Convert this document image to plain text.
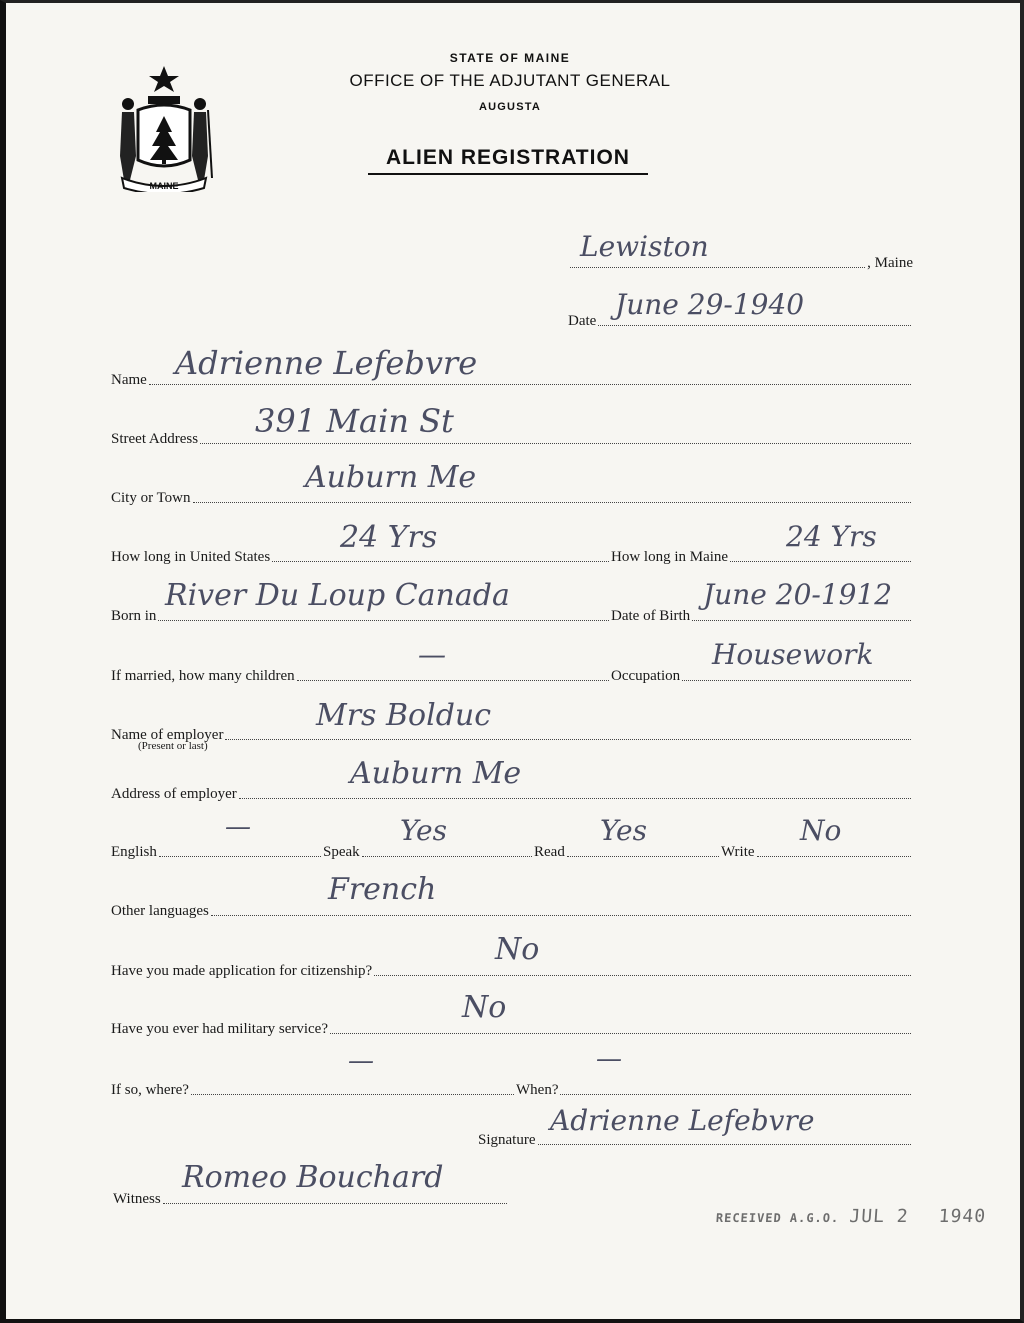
MAINE
STATE OF MAINE
OFFICE OF THE ADJUTANT GENERAL
AUGUSTA
ALIEN REGISTRATION
, Maine
Lewiston
Date June 29-1940
Name Adrienne Lefebvre
Street Address 391 Main St
City or Town
Auburn Me
How long in United States
24 Yrs
How long in Maine
24 Yrs
Born in
River Du Loup Canada
Date of Birth
June 20-1912
If married, how many children
—
Occupation
Housework
Name of employer
(Present or last)
Mrs Bolduc
Address of employer
Auburn Me
English
—
Speak
Yes
Read
Yes
Write
No
Other languages
French
Have you made application for citizenship?
No
Have you ever had military service?
No
If so, where?
—
When?
—
Signature
Adrienne Lefebvre
Witness
Romeo Bouchard
RECEIVED A.G.O. JUL 2 1940
